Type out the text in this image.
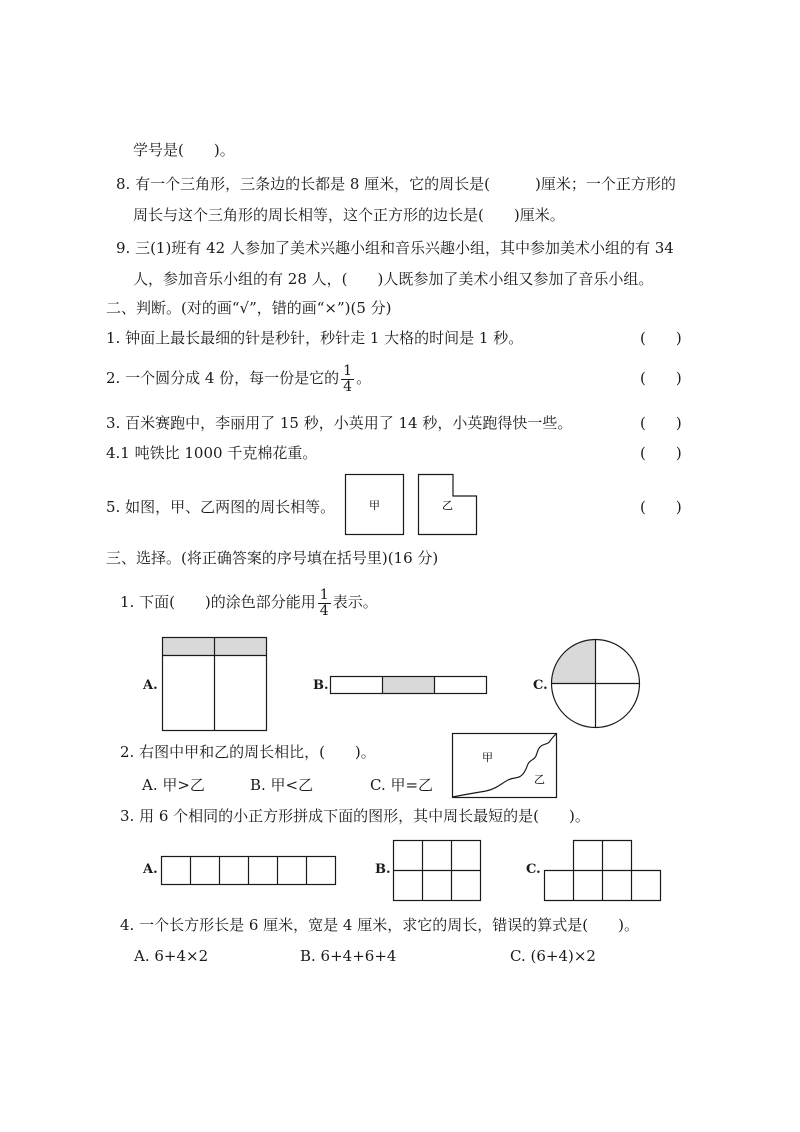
学号是(　　)。
8. 有一个三角形，三条边的长都是 8 厘米，它的周长是(　　　)厘米；一个正方形的
周长与这个三角形的周长相等，这个正方形的边长是(　　)厘米。
9. 三(1)班有 42 人参加了美术兴趣小组和音乐兴趣小组，其中参加美术小组的有 34
人，参加音乐小组的有 28 人，(　　)人既参加了美术小组又参加了音乐小组。
二、判断。(对的画“√”，错的画“×”)(5 分)
1. 钟面上最长最细的针是秒针，秒针走 1 大格的时间是 1 秒。	(　　)
2. 一个圆分成 4 份，每一份是它的 $\frac{1}{4}$ 。	(　　)
3. 百米赛跑中，李丽用了 15 秒，小英用了 14 秒，小英跑得快一些。	(　　)
4.1 吨铁比 1000 千克棉花重。	(　　)
5. 如图，甲、乙两图的周长相等。	(　　)
甲	乙
三、选择。(将正确答案的序号填在括号里)(16 分)
1. 下面(　　)的涂色部分能用 $\frac{1}{4}$ 表示。
A.	B.	C.
2. 右图中甲和乙的周长相比，(　　)。
A. 甲>乙	B. 甲<乙	C. 甲=乙
甲
乙
3. 用 6 个相同的小正方形拼成下面的图形，其中周长最短的是(　　)。
A.	B.	C.
4. 一个长方形长是 6 厘米，宽是 4 厘米，求它的周长，错误的算式是(　　)。
A. 6+4×2	B. 6+4+6+4	C. (6+4)×2
